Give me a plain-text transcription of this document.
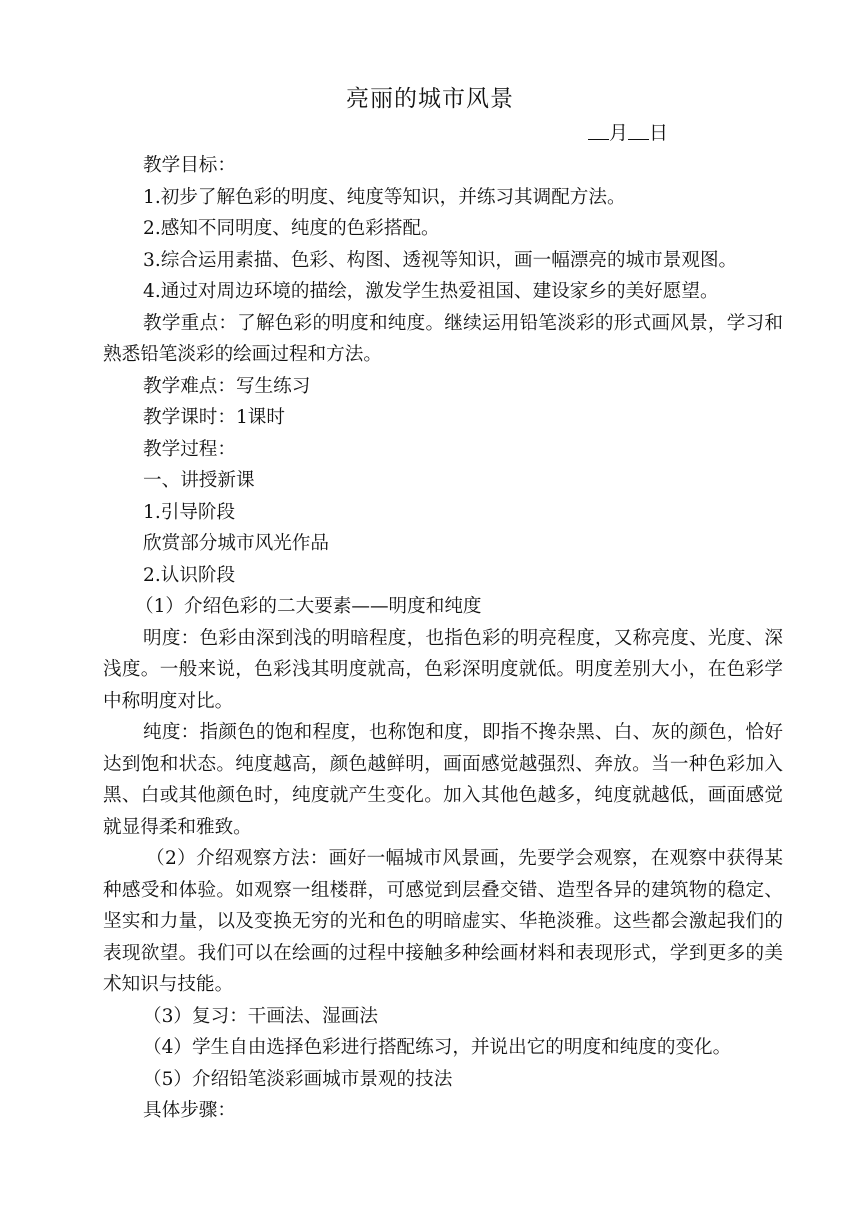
亮丽的城市风景
月 日

教学目标：

1.初步了解色彩的明度、纯度等知识，并练习其调配方法。

2.感知不同明度、纯度的色彩搭配。

3.综合运用素描、色彩、构图、透视等知识，画一幅漂亮的城市景观图。

4.通过对周边环境的描绘，激发学生热爱祖国、建设家乡的美好愿望。

教学重点：了解色彩的明度和纯度。继续运用铅笔淡彩的形式画风景，学习和熟悉铅笔淡彩的绘画过程和方法。

教学难点：写生练习

教学课时：1课时

教学过程：

一、讲授新课

1.引导阶段

欣赏部分城市风光作品

2.认识阶段

（1）介绍色彩的二大要素——明度和纯度

明度：色彩由深到浅的明暗程度，也指色彩的明亮程度，又称亮度、光度、深浅度。一般来说，色彩浅其明度就高，色彩深明度就低。明度差别大小，在色彩学中称明度对比。

纯度：指颜色的饱和程度，也称饱和度，即指不搀杂黑、白、灰的颜色，恰好达到饱和状态。纯度越高，颜色越鲜明，画面感觉越强烈、奔放。当一种色彩加入黑、白或其他颜色时，纯度就产生变化。加入其他色越多，纯度就越低，画面感觉就显得柔和雅致。

（2）介绍观察方法：画好一幅城市风景画，先要学会观察，在观察中获得某种感受和体验。如观察一组楼群，可感觉到层叠交错、造型各异的建筑物的稳定、坚实和力量，以及变换无穷的光和色的明暗虚实、华艳淡雅。这些都会激起我们的表现欲望。我们可以在绘画的过程中接触多种绘画材料和表现形式，学到更多的美术知识与技能。

（3）复习：干画法、湿画法

（4）学生自由选择色彩进行搭配练习，并说出它的明度和纯度的变化。

（5）介绍铅笔淡彩画城市景观的技法

具体步骤：
